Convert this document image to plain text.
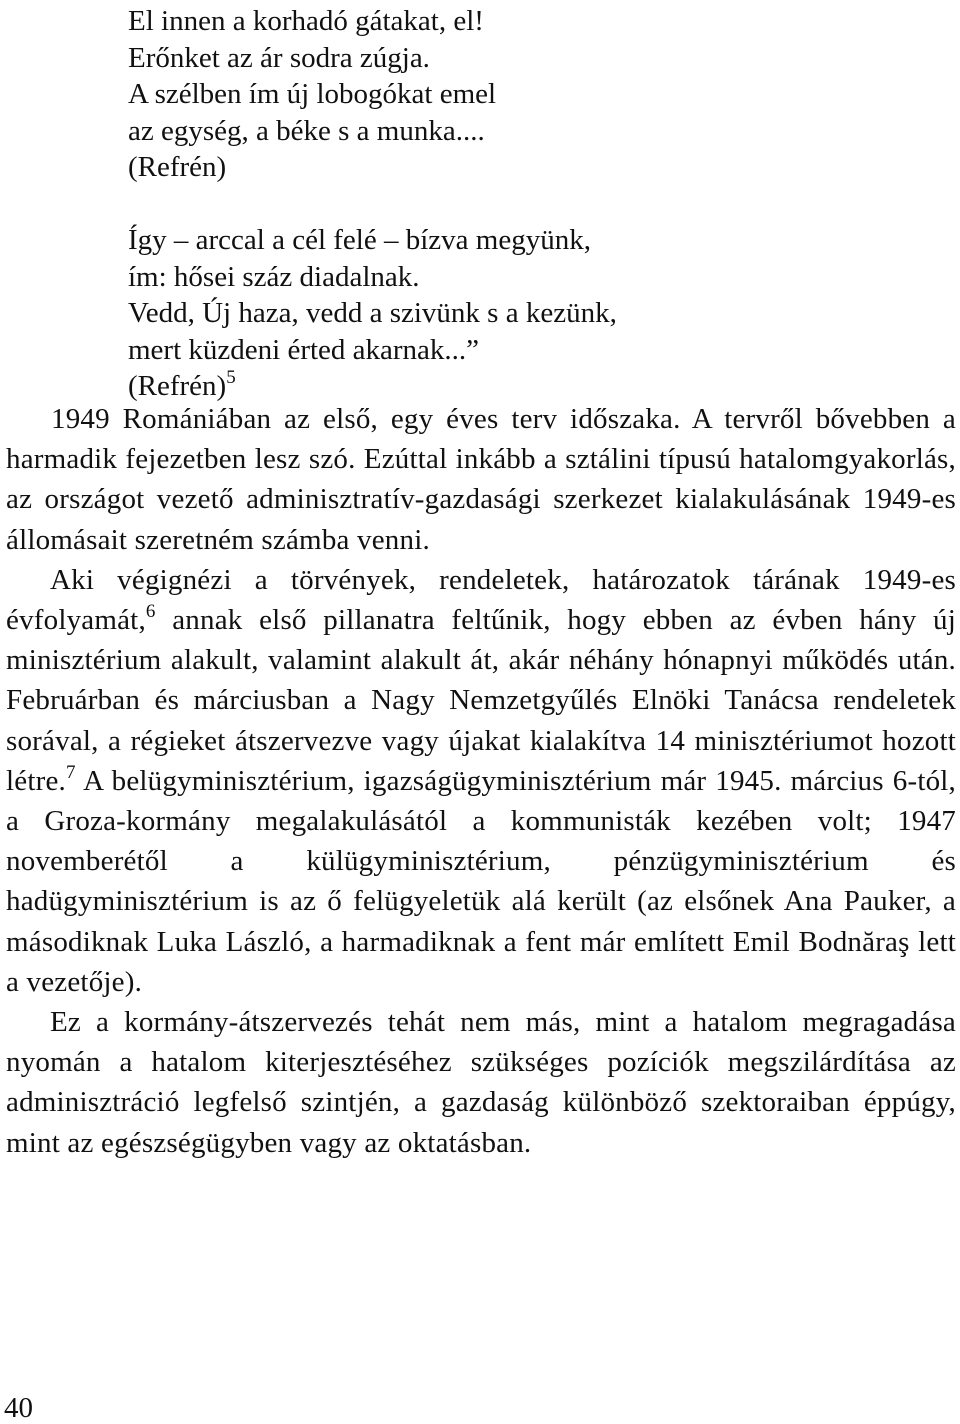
El innen a korhadó gátakat, el!
Erőnket az ár sodra zúgja.
A szélben ím új lobogókat emel
az egység, a béke s a munka....
(Refrén)
Így – arccal a cél felé – bízva megyünk,
ím: hősei száz diadalnak.
Vedd, Új haza, vedd a szivünk s a kezünk,
mert küzdeni érted akarnak...”
(Refrén)$^5$

1949 Romániában az első, egy éves terv időszaka. A tervről bővebben a harmadik fejezetben lesz szó. Ezúttal inkább a sztálini típusú hatalomgyakorlás, az országot vezető adminisztratív-gazdasági szerkezet kialakulásának 1949-es állomásait szeretném számba venni.

Aki végignézi a törvények, rendeletek, határozatok tárának 1949-es évfolyamát,$^6$ annak első pillanatra feltűnik, hogy ebben az évben hány új minisztérium alakult, valamint alakult át, akár néhány hónapnyi működés után. Februárban és márciusban a Nagy Nemzetgyűlés Elnöki Tanácsa rendeletek sorával, a régieket átszervezve vagy újakat kialakítva 14 minisztériumot hozott létre.$^7$ A belügyminisztérium, igazságügyminisztérium már 1945. március 6-tól, a Groza-kormány megalakulásától a kommunisták kezében volt; 1947 novemberétől a külügyminisztérium, pénzügyminisztérium és hadügyminisztérium is az ő felügyeletük alá került (az elsőnek Ana Pauker, a másodiknak Luka László, a harmadiknak a fent már említett Emil Bodnăraş lett a vezetője).

Ez a kormány-átszervezés tehát nem más, mint a hatalom megragadása nyomán a hatalom kiterjesztéséhez szükséges pozíciók megszilárdítása az adminisztráció legfelső szintjén, a gazdaság különböző szektoraiban éppúgy, mint az egészségügyben vagy az oktatásban.

40
